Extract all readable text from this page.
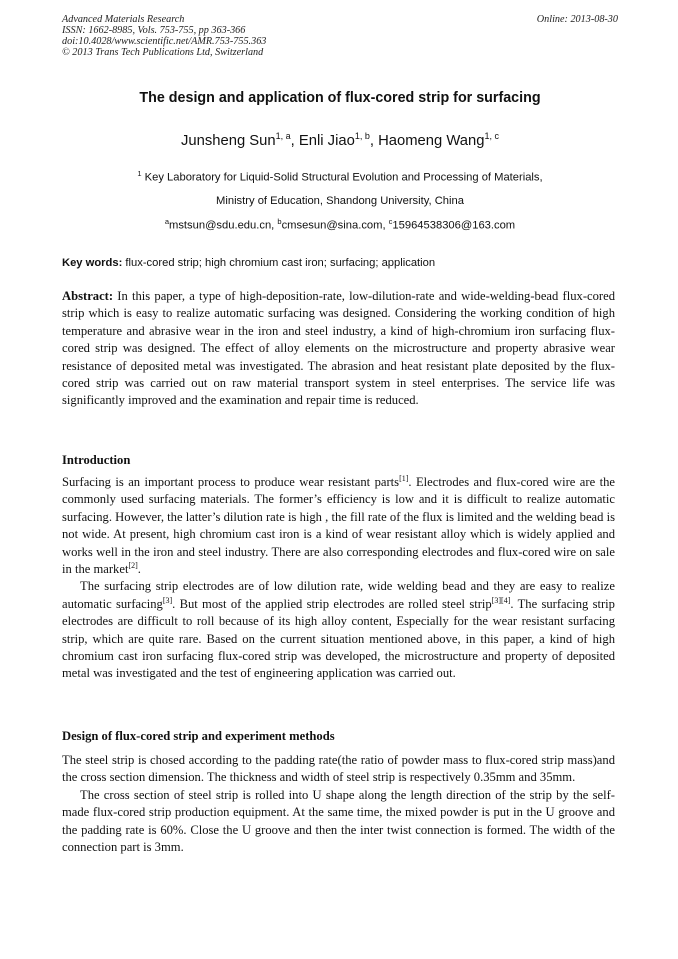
Advanced Materials Research
ISSN: 1662-8985, Vols. 753-755, pp 363-366
doi:10.4028/www.scientific.net/AMR.753-755.363
© 2013 Trans Tech Publications Ltd, Switzerland
Online: 2013-08-30
The design and application of flux-cored strip for surfacing
Junsheng Sun$^{1, a}$, Enli Jiao$^{1, b}$, Haomeng Wang$^{1, c}$
$^1$ Key Laboratory for Liquid-Solid Structural Evolution and Processing of Materials,
Ministry of Education, Shandong University, China
$^a$mstsun@sdu.edu.cn, $^b$cmsesun@sina.com, $^c$15964538306@163.com
Key words: flux-cored strip; high chromium cast iron; surfacing; application

Abstract: In this paper, a type of high-deposition-rate, low-dilution-rate and wide-welding-bead flux-cored strip which is easy to realize automatic surfacing was designed. Considering the working condition of high temperature and abrasive wear in the iron and steel industry, a kind of high-chromium iron surfacing flux-cored strip was designed. The effect of alloy elements on the microstructure and property abrasive wear resistance of deposited metal was investigated. The abrasion and heat resistant plate deposited by the flux-cored strip was carried out on raw material transport system in steel enterprises. The service life was significantly improved and the examination and repair time is reduced.

Introduction

Surfacing is an important process to produce wear resistant parts[1]. Electrodes and flux-cored wire are the commonly used surfacing materials. The former’s efficiency is low and it is difficult to realize automatic surfacing. However, the latter’s dilution rate is high , the fill rate of the flux is limited and the welding bead is not wide. At present, high chromium cast iron is a kind of wear resistant alloy which is widely applied and works well in the iron and steel industry. There are also corresponding electrodes and flux-cored wire on sale in the market[2].

The surfacing strip electrodes are of low dilution rate, wide welding bead and they are easy to realize automatic surfacing[3]. But most of the applied strip electrodes are rolled steel strip[3][4]. The surfacing strip electrodes are difficult to roll because of its high alloy content, Especially for the wear resistant surfacing strip, which are quite rare. Based on the current situation mentioned above, in this paper, a kind of high chromium cast iron surfacing flux-cored strip was developed, the microstructure and property of deposited metal was investigated and the test of engineering application was carried out.

Design of flux-cored strip and experiment methods

The steel strip is chosed according to the padding rate(the ratio of powder mass to flux-cored strip mass)and the cross section dimension. The thickness and width of steel strip is respectively 0.35mm and 35mm.

The cross section of steel strip is rolled into U shape along the length direction of the strip by the self-made flux-cored strip production equipment. At the same time, the mixed powder is put in the U groove and the padding rate is 60%. Close the U groove and then the inter twist connection is formed. The width of the connection part is 3mm.
